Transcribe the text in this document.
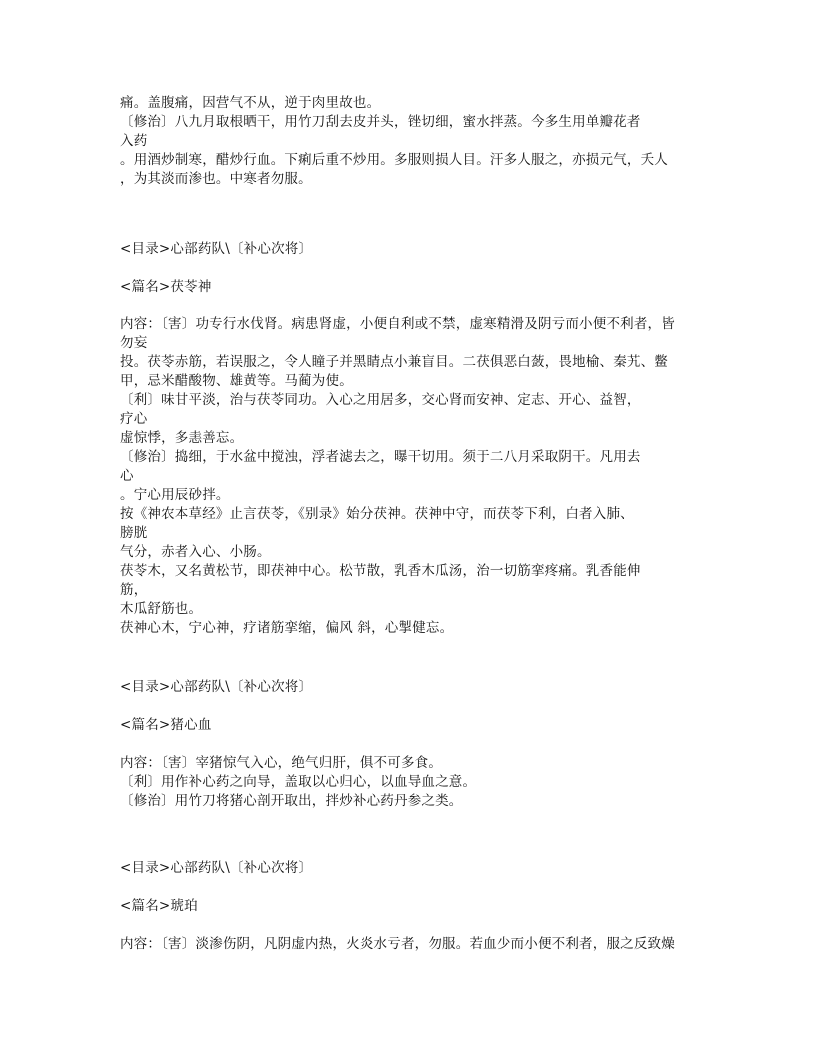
痛。盖腹痛，因营气不从，逆于肉里故也。
〔修治〕八九月取根晒干，用竹刀刮去皮并头，锉切细，蜜水拌蒸。今多生用单瓣花者
入药
。用酒炒制寒，醋炒行血。下痢后重不炒用。多服则损人目。汗多人服之，亦损元气，夭人
，为其淡而渗也。中寒者勿服。
<目录>心部药队\〔补心次将〕
<篇名>茯苓神
内容：〔害〕功专行水伐肾。病患肾虚，小便自利或不禁，虚寒精滑及阴亏而小便不利者，皆
勿妄
投。茯苓赤筋，若误服之，令人瞳子并黑睛点小兼盲目。二茯俱恶白蔹，畏地榆、秦艽、鳖
甲，忌米醋酸物、雄黄等。马蔺为使。
〔利〕味甘平淡，治与茯苓同功。入心之用居多，交心肾而安神、定志、开心、益智，
疗心
虚惊悸，多恚善忘。
〔修治〕捣细，于水盆中搅浊，浮者滤去之，曝干切用。须于二八月采取阴干。凡用去
心
。宁心用辰砂拌。
按《神农本草经》止言茯苓，《别录》始分茯神。茯神中守，而茯苓下利，白者入肺、
膀胱
气分，赤者入心、小肠。
茯苓木，又名黄松节，即茯神中心。松节散，乳香木瓜汤，治一切筋挛疼痛。乳香能伸
筋，
木瓜舒筋也。
茯神心木，宁心神，疗诸筋挛缩，偏风 斜，心掣健忘。
<目录>心部药队\〔补心次将〕
<篇名>猪心血
内容：〔害〕宰猪惊气入心，绝气归肝，俱不可多食。
〔利〕用作补心药之向导，盖取以心归心，以血导血之意。
〔修治〕用竹刀将猪心剖开取出，拌炒补心药丹参之类。
<目录>心部药队\〔补心次将〕
<篇名>琥珀
内容：〔害〕淡渗伤阴，凡阴虚内热，火炎水亏者，勿服。若血少而小便不利者，服之反致燥
